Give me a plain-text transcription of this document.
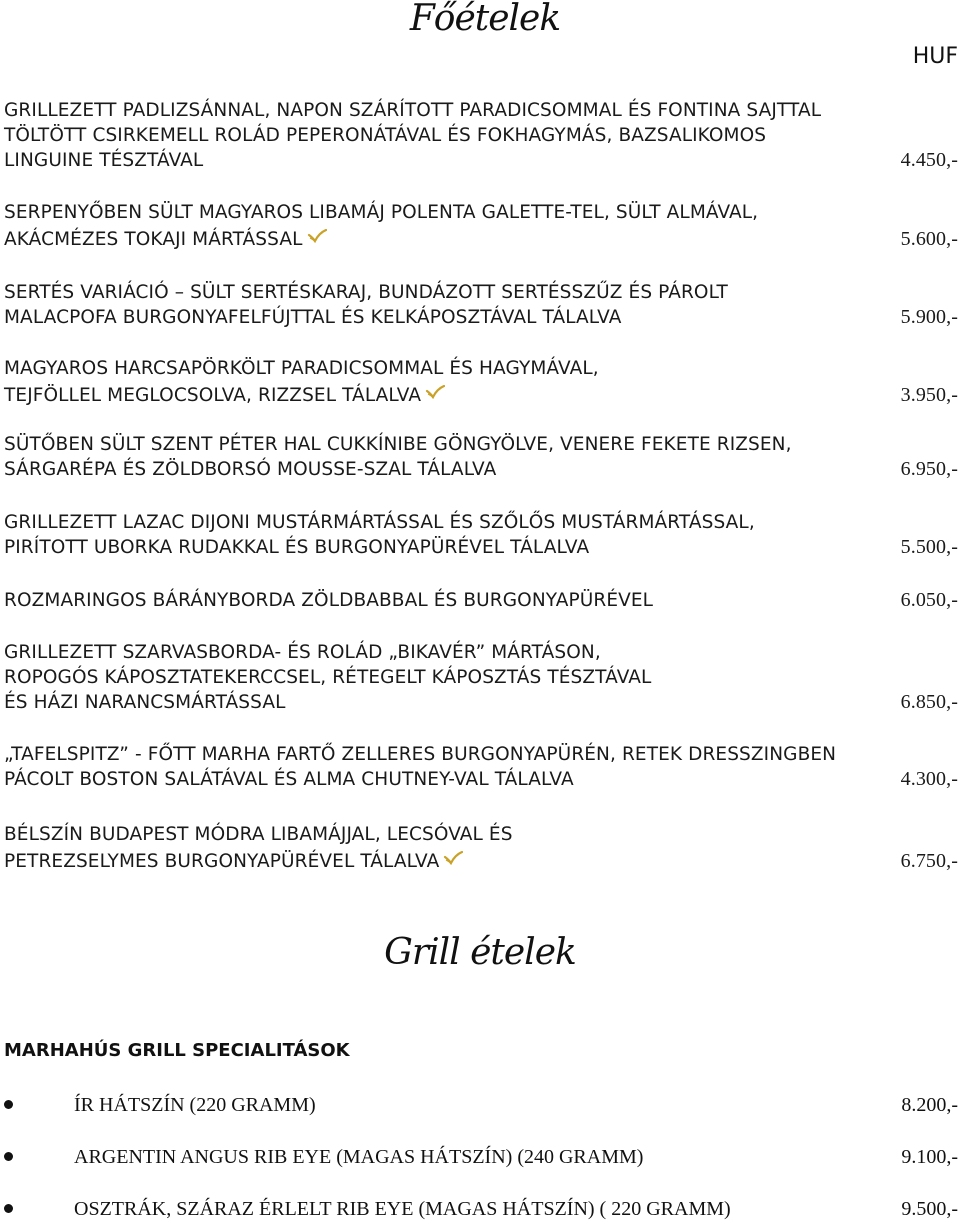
Főételek
HUF
GRILLEZETT PADLIZSÁNNAL, NAPON SZÁRÍTOTT PARADICSOMMAL ÉS FONTINA SAJTTAL
TÖLTÖTT CSIRKEMELL ROLÁD PEPERONÁTÁVAL ÉS FOKHAGYMÁS, BAZSALIKOMOS
LINGUINE TÉSZTÁVAL	4.450,-
SERPENYŐBEN SÜLT MAGYAROS LIBAMÁJ POLENTA GALETTE-TEL, SÜLT ALMÁVAL,
AKÁCMÉZES TOKAJI MÁRTÁSSAL	5.600,-
SERTÉS VARIÁCIÓ – SÜLT SERTÉSKARAJ, BUNDÁZOTT SERTÉSSZŰZ ÉS PÁROLT
MALACPOFA BURGONYAFELFÚJTTAL ÉS KELKÁPOSZTÁVAL TÁLALVA	5.900,-
MAGYAROS HARCSAPÖRKÖLT PARADICSOMMAL ÉS HAGYMÁVAL,
TEJFÖLLEL MEGLOCSOLVA, RIZZSEL TÁLALVA	3.950,-
SÜTŐBEN SÜLT SZENT PÉTER HAL CUKKÍNIBE GÖNGYÖLVE, VENERE FEKETE RIZSEN,
SÁRGARÉPA ÉS ZÖLDBORSÓ MOUSSE-SZAL TÁLALVA	6.950,-
GRILLEZETT LAZAC DIJONI MUSTÁRMÁRTÁSSAL ÉS SZŐLŐS MUSTÁRMÁRTÁSSAL,
PIRÍTOTT UBORKA RUDAKKAL ÉS BURGONYAPÜRÉVEL TÁLALVA	5.500,-
ROZMARINGOS BÁRÁNYBORDA ZÖLDBABBAL ÉS BURGONYAPÜRÉVEL	6.050,-
GRILLEZETT SZARVASBORDA- ÉS ROLÁD „BIKAVÉR” MÁRTÁSON,
ROPOGÓS KÁPOSZTATEKERCCSEL, RÉTEGELT KÁPOSZTÁS TÉSZTÁVAL
ÉS HÁZI NARANCSMÁRTÁSSAL	6.850,-
„TAFELSPITZ” - FŐTT MARHA FARTŐ ZELLERES BURGONYAPÜRÉN, RETEK DRESSZINGBEN
PÁCOLT BOSTON SALÁTÁVAL ÉS ALMA CHUTNEY-VAL TÁLALVA	4.300,-
BÉLSZÍN BUDAPEST MÓDRA LIBAMÁJJAL, LECSÓVAL ÉS
PETREZSELYMES BURGONYAPÜRÉVEL TÁLALVA	6.750,-
Grill ételek
MARHAHÚS GRILL SPECIALITÁSOK
ÍR HÁTSZÍN (220 GRAMM)	8.200,-
ARGENTIN ANGUS RIB EYE (MAGAS HÁTSZÍN) (240 GRAMM)	9.100,-
OSZTRÁK, SZÁRAZ ÉRLELT RIB EYE (MAGAS HÁTSZÍN) ( 220 GRAMM)	9.500,-
